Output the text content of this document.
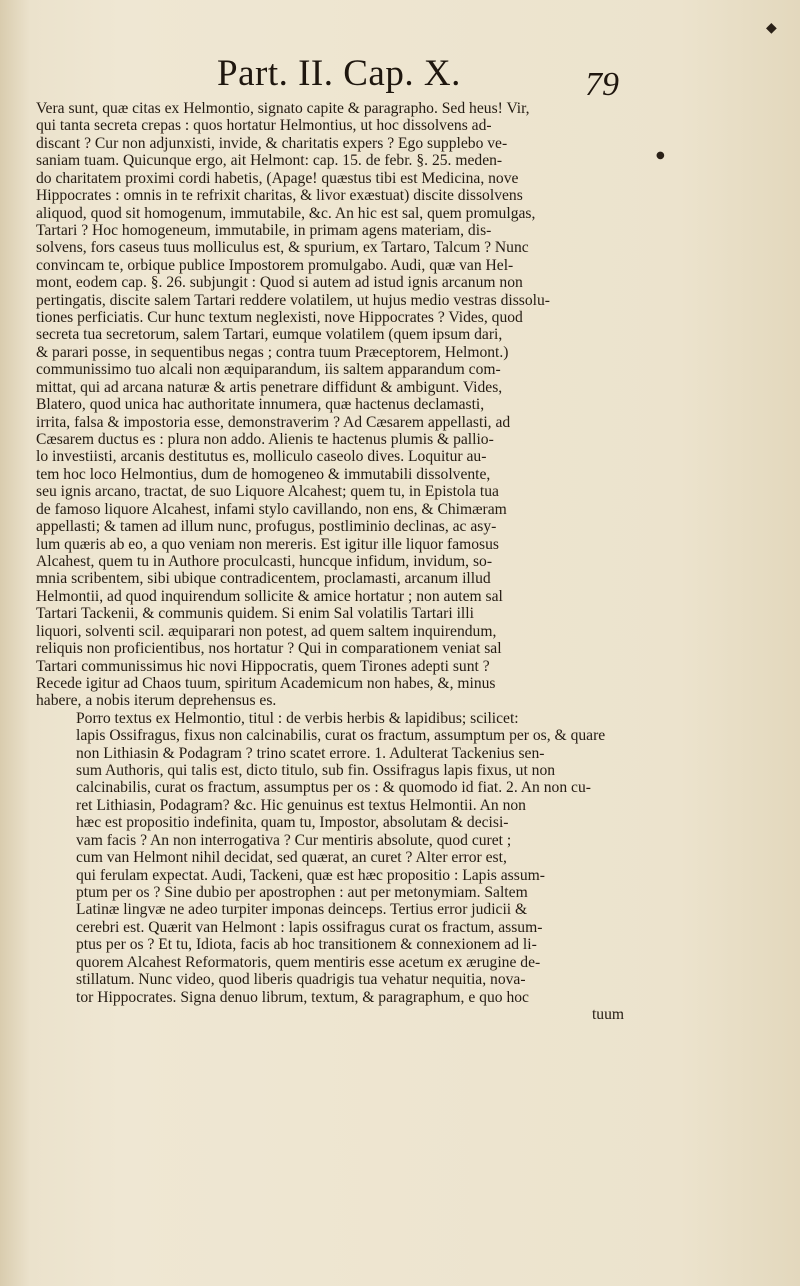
◆
●
Part. II. Cap. X.	79
Vera sunt, quæ citas ex Helmontio, signato capite & paragrapho. Sed heus! Vir,
qui tanta secreta crepas : quos hortatur Helmontius, ut hoc dissolvens ad-
discant ? Cur non adjunxisti, invide, & charitatis expers ? Ego supplebo ve-
saniam tuam. Quicunque ergo, ait Helmont: cap. 15. de febr. §. 25. meden-
do charitatem proximi cordi habetis, (Apage! quæstus tibi est Medicina, nove
Hippocrates : omnis in te refrixit charitas, & livor exæstuat) discite dissolvens
aliquod, quod sit homogenum, immutabile, &c. An hic est sal, quem promulgas,
Tartari ? Hoc homogeneum, immutabile, in primam agens materiam, dis-
solvens, fors caseus tuus molliculus est, & spurium, ex Tartaro, Talcum ? Nunc
convincam te, orbique publice Impostorem promulgabo. Audi, quæ van Hel-
mont, eodem cap. §. 26. subjungit : Quod si autem ad istud ignis arcanum non
pertingatis, discite salem Tartari reddere volatilem, ut hujus medio vestras dissolu-
tiones perficiatis. Cur hunc textum neglexisti, nove Hippocrates ? Vides, quod
secreta tua secretorum, salem Tartari, eumque volatilem (quem ipsum dari,
& parari posse, in sequentibus negas ; contra tuum Præceptorem, Helmont.)
communissimo tuo alcali non æquiparandum, iis saltem apparandum com-
mittat, qui ad arcana naturæ & artis penetrare diffidunt & ambigunt. Vides,
Blatero, quod unica hac authoritate innumera, quæ hactenus declamasti,
irrita, falsa & impostoria esse, demonstraverim ? Ad Cæsarem appellasti, ad
Cæsarem ductus es : plura non addo. Alienis te hactenus plumis & pallio-
lo investiisti, arcanis destitutus es, molliculo caseolo dives. Loquitur au-
tem hoc loco Helmontius, dum de homogeneo & immutabili dissolvente,
seu ignis arcano, tractat, de suo Liquore Alcahest; quem tu, in Epistola tua
de famoso liquore Alcahest, infami stylo cavillando, non ens, & Chimæram
appellasti; & tamen ad illum nunc, profugus, postliminio declinas, ac asy-
lum quæris ab eo, a quo veniam non mereris. Est igitur ille liquor famosus
Alcahest, quem tu in Authore proculcasti, huncque infidum, invidum, so-
mnia scribentem, sibi ubique contradicentem, proclamasti, arcanum illud
Helmontii, ad quod inquirendum sollicite & amice hortatur ; non autem sal
Tartari Tackenii, & communis quidem. Si enim Sal volatilis Tartari illi
liquori, solventi scil. æquiparari non potest, ad quem saltem inquirendum,
reliquis non proficientibus, nos hortatur ? Qui in comparationem veniat sal
Tartari communissimus hic novi Hippocratis, quem Tirones adepti sunt ?
Recede igitur ad Chaos tuum, spiritum Academicum non habes, &, minus
habere, a nobis iterum deprehensus es.
Porro textus ex Helmontio, titul : de verbis herbis & lapidibus; scilicet:
lapis Ossifragus, fixus non calcinabilis, curat os fractum, assumptum per os, & quare
non Lithiasin & Podagram ? trino scatet errore. 1. Adulterat Tackenius sen-
sum Authoris, qui talis est, dicto titulo, sub fin. Ossifragus lapis fixus, ut non
calcinabilis, curat os fractum, assumptus per os : & quomodo id fiat. 2. An non cu-
ret Lithiasin, Podagram? &c. Hic genuinus est textus Helmontii. An non
hæc est propositio indefinita, quam tu, Impostor, absolutam & decisi-
vam facis ? An non interrogativa ? Cur mentiris absolute, quod curet ;
cum van Helmont nihil decidat, sed quærat, an curet ? Alter error est,
qui ferulam expectat. Audi, Tackeni, quæ est hæc propositio : Lapis assum-
ptum per os ? Sine dubio per apostrophen : aut per metonymiam. Saltem
Latinæ lingvæ ne adeo turpiter imponas deinceps. Tertius error judicii &
cerebri est. Quærit van Helmont : lapis ossifragus curat os fractum, assum-
ptus per os ? Et tu, Idiota, facis ab hoc transitionem & connexionem ad li-
quorem Alcahest Reformatoris, quem mentiris esse acetum ex ærugine de-
stillatum. Nunc video, quod liberis quadrigis tua vehatur nequitia, nova-
tor Hippocrates. Signa denuo librum, textum, & paragraphum, e quo hoc
tuum
